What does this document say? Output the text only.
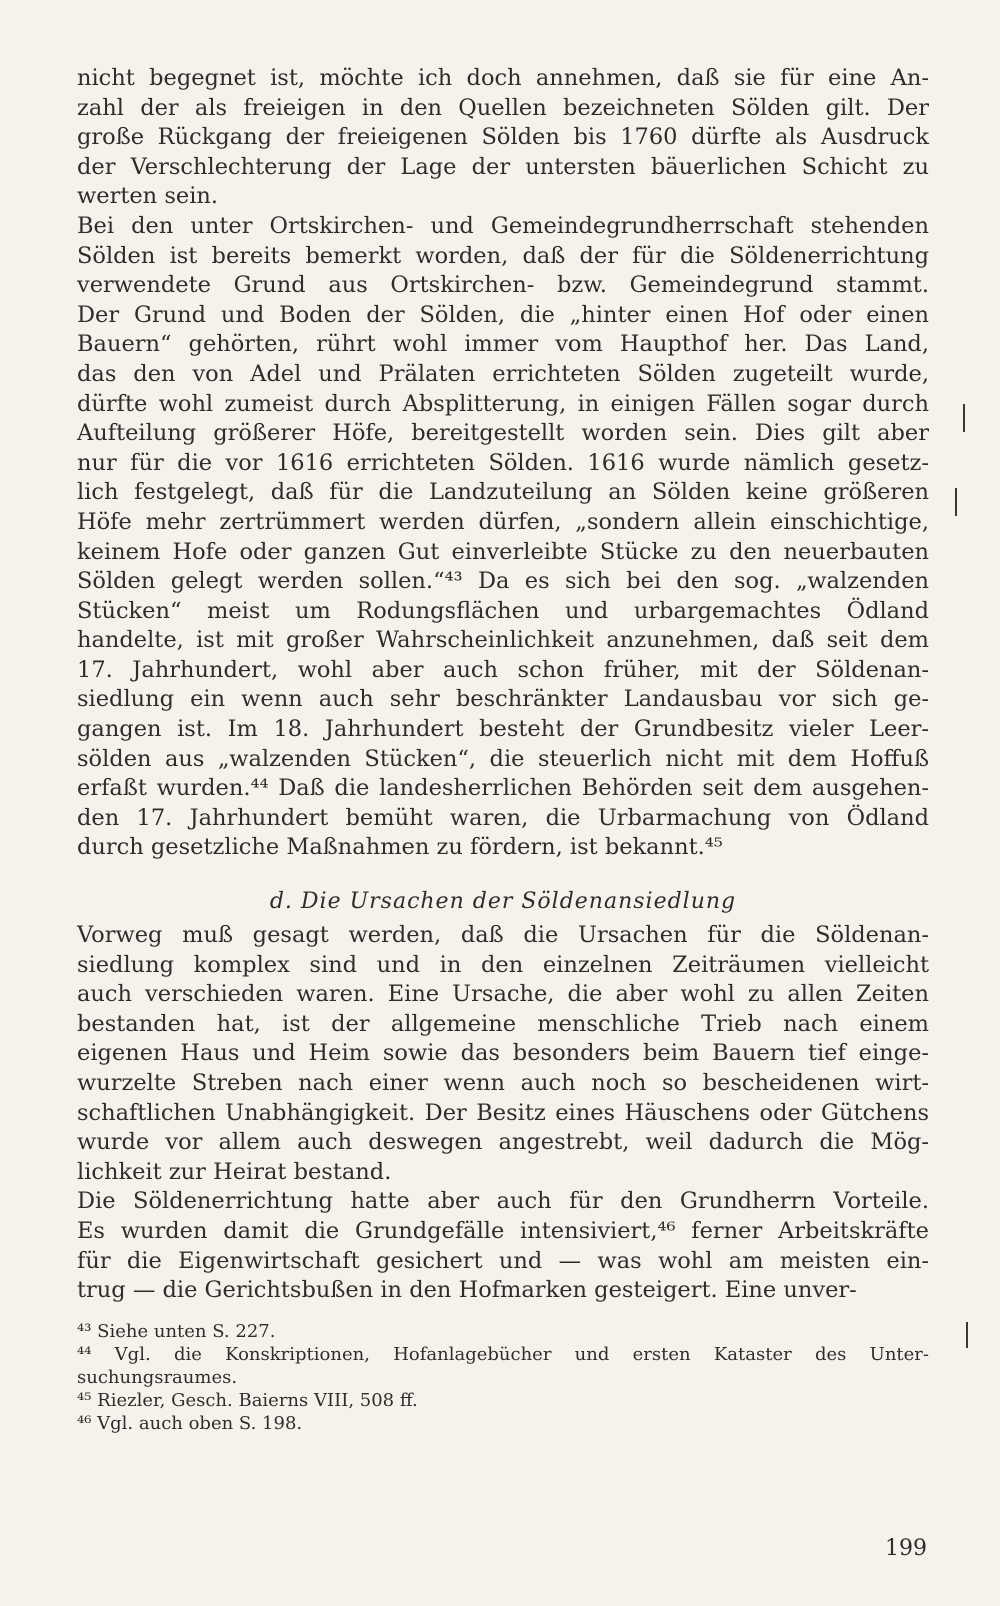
nicht begegnet ist, möchte ich doch annehmen, daß sie für eine An-
zahl der als freieigen in den Quellen bezeichneten Sölden gilt. Der
große Rückgang der freieigenen Sölden bis 1760 dürfte als Ausdruck
der Verschlechterung der Lage der untersten bäuerlichen Schicht zu
werten sein.
Bei den unter Ortskirchen- und Gemeindegrundherrschaft stehenden
Sölden ist bereits bemerkt worden, daß der für die Söldenerrichtung
verwendete Grund aus Ortskirchen- bzw. Gemeindegrund stammt.
Der Grund und Boden der Sölden, die „hinter einen Hof oder einen
Bauern“ gehörten, rührt wohl immer vom Haupthof her. Das Land,
das den von Adel und Prälaten errichteten Sölden zugeteilt wurde,
dürfte wohl zumeist durch Absplitterung, in einigen Fällen sogar durch
Aufteilung größerer Höfe, bereitgestellt worden sein. Dies gilt aber
nur für die vor 1616 errichteten Sölden. 1616 wurde nämlich gesetz-
lich festgelegt, daß für die Landzuteilung an Sölden keine größeren
Höfe mehr zertrümmert werden dürfen, „sondern allein einschichtige,
keinem Hofe oder ganzen Gut einverleibte Stücke zu den neuerbauten
Sölden gelegt werden sollen.“⁴³ Da es sich bei den sog. „walzenden
Stücken“ meist um Rodungsflächen und urbargemachtes Ödland
handelte, ist mit großer Wahrscheinlichkeit anzunehmen, daß seit dem
17. Jahrhundert, wohl aber auch schon früher, mit der Söldenan-
siedlung ein wenn auch sehr beschränkter Landausbau vor sich ge-
gangen ist. Im 18. Jahrhundert besteht der Grundbesitz vieler Leer-
sölden aus „walzenden Stücken“, die steuerlich nicht mit dem Hoffuß
erfaßt wurden.⁴⁴ Daß die landesherrlichen Behörden seit dem ausgehen-
den 17. Jahrhundert bemüht waren, die Urbarmachung von Ödland
durch gesetzliche Maßnahmen zu fördern, ist bekannt.⁴⁵
d. Die Ursachen der Söldenansiedlung
Vorweg muß gesagt werden, daß die Ursachen für die Söldenan-
siedlung komplex sind und in den einzelnen Zeiträumen vielleicht
auch verschieden waren. Eine Ursache, die aber wohl zu allen Zeiten
bestanden hat, ist der allgemeine menschliche Trieb nach einem
eigenen Haus und Heim sowie das besonders beim Bauern tief einge-
wurzelte Streben nach einer wenn auch noch so bescheidenen wirt-
schaftlichen Unabhängigkeit. Der Besitz eines Häuschens oder Gütchens
wurde vor allem auch deswegen angestrebt, weil dadurch die Mög-
lichkeit zur Heirat bestand.
Die Söldenerrichtung hatte aber auch für den Grundherrn Vorteile.
Es wurden damit die Grundgefälle intensiviert,⁴⁶ ferner Arbeitskräfte
für die Eigenwirtschaft gesichert und — was wohl am meisten ein-
trug — die Gerichtsbußen in den Hofmarken gesteigert. Eine unver-
⁴³ Siehe unten S. 227.
⁴⁴ Vgl. die Konskriptionen, Hofanlagebücher und ersten Kataster des Unter-
suchungsraumes.
⁴⁵ Riezler, Gesch. Baierns VIII, 508 ff.
⁴⁶ Vgl. auch oben S. 198.
199
